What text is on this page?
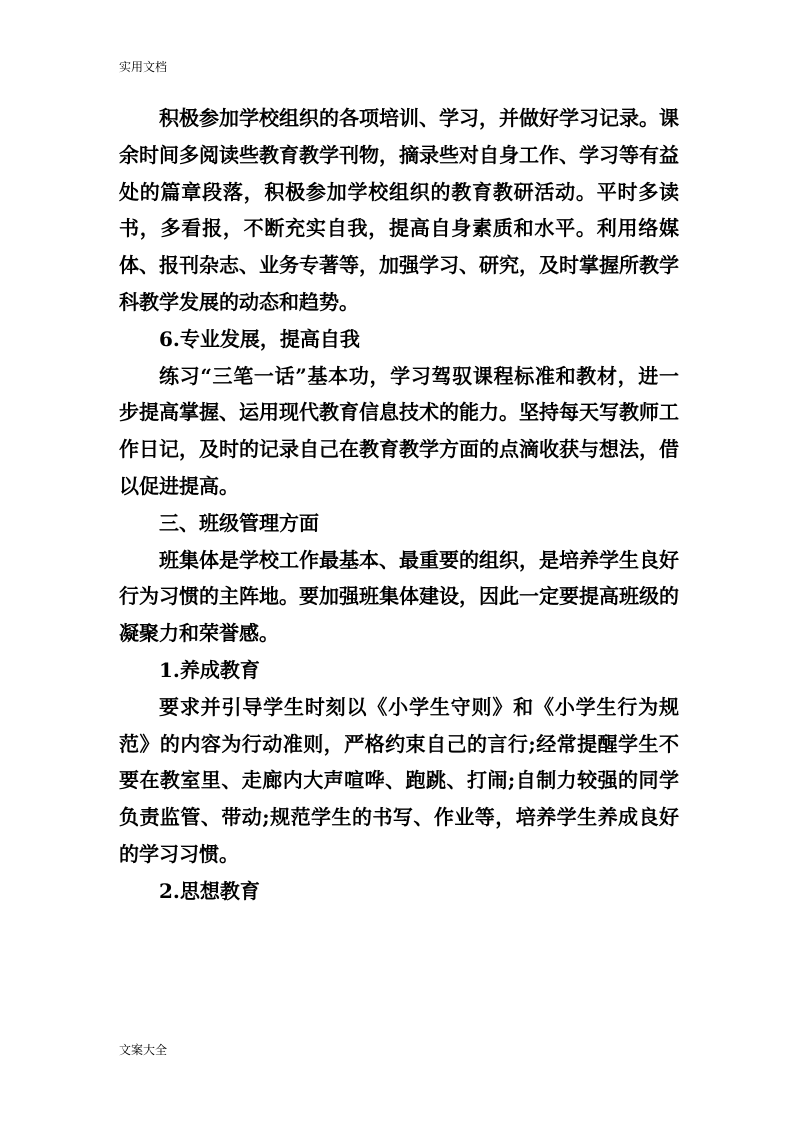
实用文档

积极参加学校组织的各项培训、学习，并做好学习记录。课余时间多阅读些教育教学刊物，摘录些对自身工作、学习等有益处的篇章段落，积极参加学校组织的教育教研活动。平时多读书，多看报，不断充实自我，提高自身素质和水平。利用络媒体、报刊杂志、业务专著等，加强学习、研究，及时掌握所教学科教学发展的动态和趋势。

6.专业发展，提高自我

练习“三笔一话”基本功，学习驾驭课程标准和教材，进一步提高掌握、运用现代教育信息技术的能力。坚持每天写教师工作日记，及时的记录自己在教育教学方面的点滴收获与想法，借以促进提高。

三、班级管理方面

班集体是学校工作最基本、最重要的组织，是培养学生良好行为习惯的主阵地。要加强班集体建设，因此一定要提高班级的凝聚力和荣誉感。

1.养成教育

要求并引导学生时刻以《小学生守则》和《小学生行为规范》的内容为行动准则，严格约束自己的言行;经常提醒学生不要在教室里、走廊内大声喧哗、跑跳、打闹;自制力较强的同学负责监管、带动;规范学生的书写、作业等，培养学生养成良好的学习习惯。

2.思想教育

文案大全
